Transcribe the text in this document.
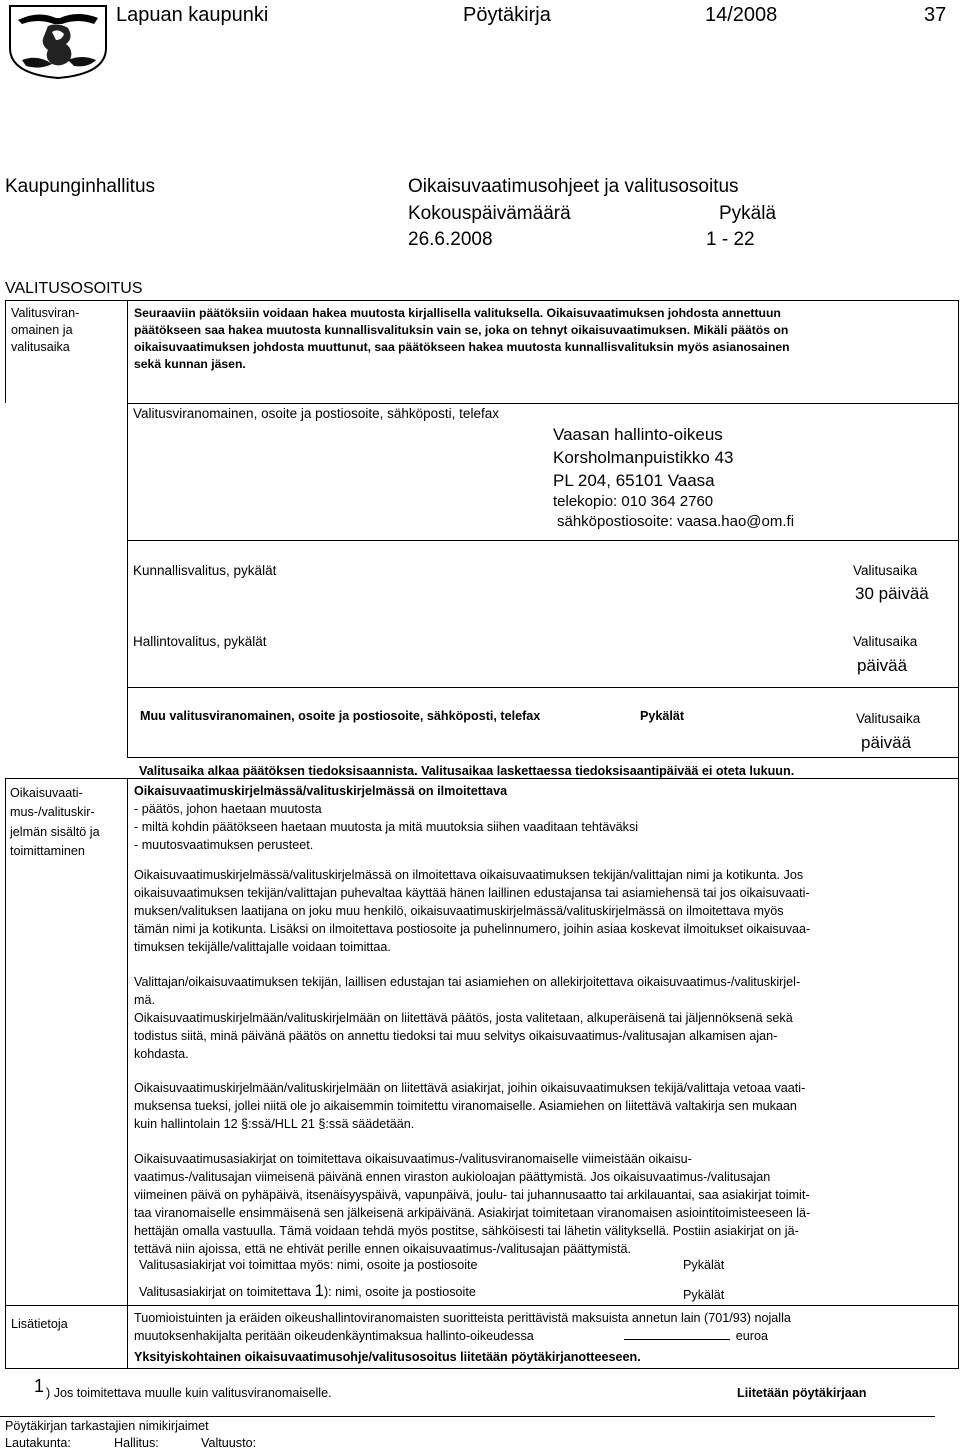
Lapuan kaupunki	Pöytäkirja	14/2008	37
Kaupunginhallitus	Oikaisuvaatimusohjeet ja valitusosoitus
Kokouspäivämäärä	Pykälä
26.6.2008	1 - 22
VALITUSOSOITUS
Valitusviran-
omainen ja
valitusaika
Seuraaviin päätöksiin voidaan hakea muutosta kirjallisella valituksella. Oikaisuvaatimuksen johdosta annettuun
päätökseen saa hakea muutosta kunnallisvalituksin vain se, joka on tehnyt oikaisuvaatimuksen. Mikäli päätös on
oikaisuvaatimuksen johdosta muuttunut, saa päätökseen hakea muutosta kunnallisvalituksin myös asianosainen
sekä kunnan jäsen.
Valitusviranomainen, osoite ja postiosoite, sähköposti, telefax
Vaasan hallinto-oikeus
Korsholmanpuistikko 43
PL 204, 65101 Vaasa
telekopio: 010 364 2760
sähköpostiosoite: vaasa.hao@om.fi
Kunnallisvalitus, pykälät	Valitusaika
30 päivää
Hallintovalitus, pykälät	Valitusaika
päivää
Muu valitusviranomainen, osoite ja postiosoite, sähköposti, telefax	Pykälät	Valitusaika
päivää
Valitusaika alkaa päätöksen tiedoksisaannista. Valitusaikaa laskettaessa tiedoksisaantipäivää ei oteta lukuun.
Oikaisuvaati-
mus-/valituskir-
jelmän sisältö ja
toimittaminen
Oikaisuvaatimuskirjelmässä/valituskirjelmässä on ilmoitettava
- päätös, johon haetaan muutosta
- miltä kohdin päätökseen haetaan muutosta ja mitä muutoksia siihen vaaditaan tehtäväksi
- muutosvaatimuksen perusteet.
Oikaisuvaatimuskirjelmässä/valituskirjelmässä on ilmoitettava oikaisuvaatimuksen tekijän/valittajan nimi ja kotikunta. Jos
oikaisuvaatimuksen tekijän/valittajan puhevaltaa käyttää hänen laillinen edustajansa tai asiamiehensä tai jos oikaisuvaati-
muksen/valituksen laatijana on joku muu henkilö, oikaisuvaatimuskirjelmässä/valituskirjelmässä on ilmoitettava myös
tämän nimi ja kotikunta. Lisäksi on ilmoitettava postiosoite ja puhelinnumero, joihin asiaa koskevat ilmoitukset oikaisuvaa-
timuksen tekijälle/valittajalle voidaan toimittaa.
Valittajan/oikaisuvaatimuksen tekijän, laillisen edustajan tai asiamiehen on allekirjoitettava oikaisuvaatimus-/valituskirjel-
mä.
Oikaisuvaatimuskirjelmään/valituskirjelmään on liitettävä päätös, josta valitetaan, alkuperäisenä tai jäljennöksenä sekä
todistus siitä, minä päivänä päätös on annettu tiedoksi tai muu selvitys oikaisuvaatimus-/valitusajan alkamisen ajan-
kohdasta.
Oikaisuvaatimuskirjelmään/valituskirjelmään on liitettävä asiakirjat, joihin oikaisuvaatimuksen tekijä/valittaja vetoaa vaati-
muksensa tueksi, jollei niitä ole jo aikaisemmin toimitettu viranomaiselle. Asiamiehen on liitettävä valtakirja sen mukaan
kuin hallintolain 12 §:ssä/HLL 21 §:ssä säädetään.
Oikaisuvaatimusasiakirjat on toimitettava oikaisuvaatimus-/valitusviranomaiselle viimeistään oikaisu-
vaatimus-/valitusajan viimeisenä päivänä ennen viraston aukioloajan päättymistä. Jos oikaisuvaatimus-/valitusajan
viimeinen päivä on pyhäpäivä, itsenäisyyspäivä, vapunpäivä, joulu- tai juhannusaatto tai arkilauantai, saa asiakirjat toimit-
taa viranomaiselle ensimmäisenä sen jälkeisenä arkipäivänä. Asiakirjat toimitetaan viranomaisen asiointitoimisteeseen lä-
hettäjän omalla vastuulla. Tämä voidaan tehdä myös postitse, sähköisesti tai lähetin välityksellä. Postiin asiakirjat on jä-
tettävä niin ajoissa, että ne ehtivät perille ennen oikaisuvaatimus-/valitusajan päättymistä.
Valitusasiakirjat voi toimittaa myös: nimi, osoite ja postiosoite	Pykälät
Valitusasiakirjat on toimitettava 1): nimi, osoite ja postiosoite	Pykälät
Lisätietoja	Tuomioistuinten ja eräiden oikeushallintoviranomaisten suoritteista perittävistä maksuista annetun lain (701/93) nojalla
muutoksenhakijalta peritään oikeudenkäyntimaksua hallinto-oikeudessa	euroa
Yksityiskohtainen oikaisuvaatimusohje/valitusosoitus liitetään pöytäkirjanotteeseen.
1 ) Jos toimitettava muulle kuin valitusviranomaiselle.	Liitetään pöytäkirjaan
Pöytäkirjan tarkastajien nimikirjaimet
Lautakunta:	Hallitus:	Valtuusto:
